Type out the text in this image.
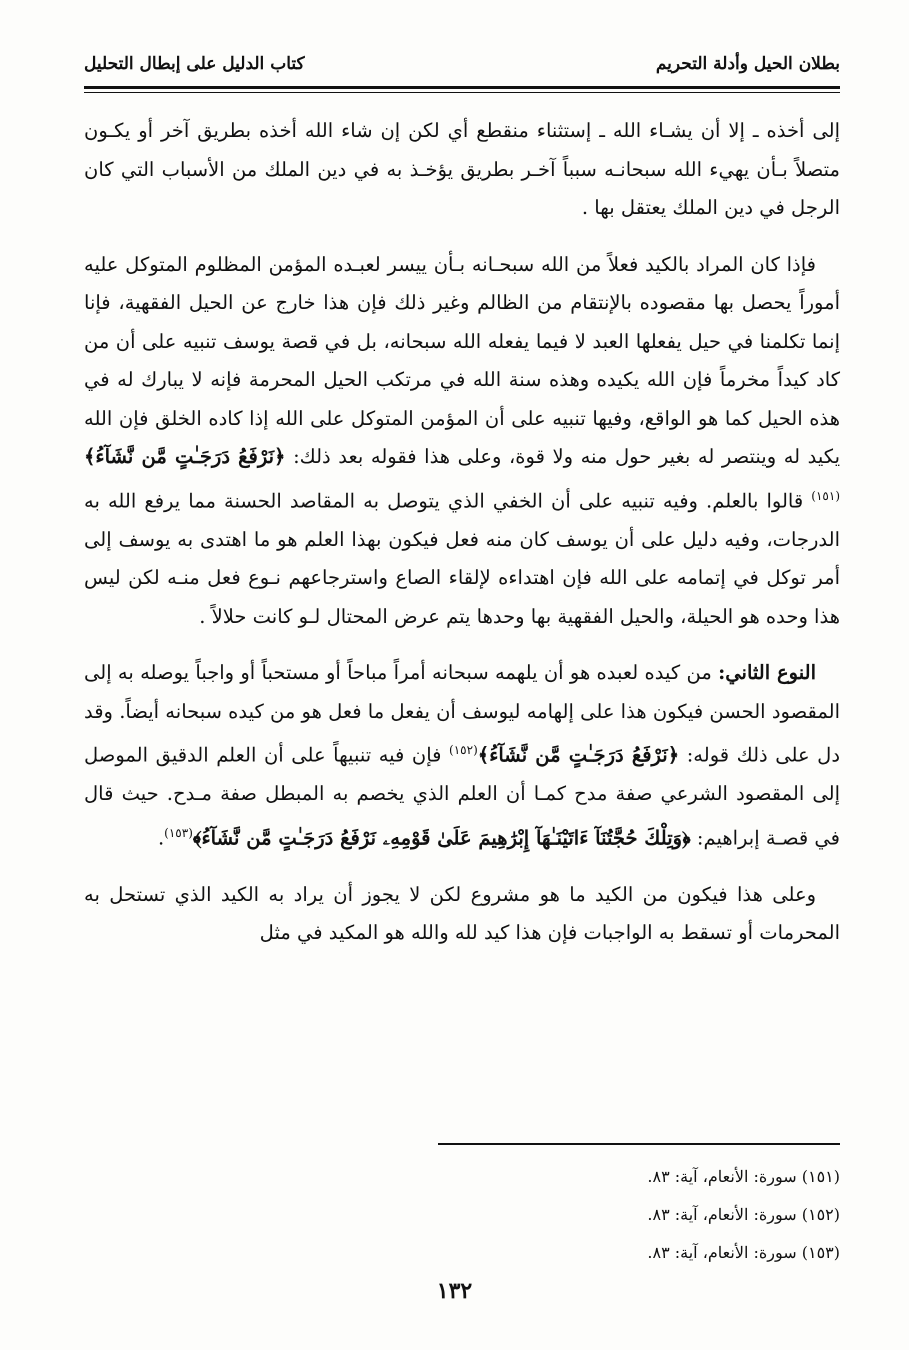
بطلان الحيل وأدلة التحريم
كتاب الدليل على إبطال التحليل

إلى أخذه ـ إلا أن يشـاء الله ـ إستثناء منقطع أي لكن إن شاء الله أخذه بطريق آخر أو يكـون متصلاً بـأن يهيء الله سبحانـه سبباً آخـر بطريق يؤخـذ به في دين الملك من الأسباب التي كان الرجل في دين الملك يعتقل بها .

فإذا كان المراد بالكيد فعلاً من الله سبحـانه بـأن ييسر لعبـده المؤمن المظلوم المتوكل عليه أموراً يحصل بها مقصوده بالإنتقام من الظالم وغير ذلك فإن هذا خارج عن الحيل الفقهية، فإنا إنما تكلمنا في حيل يفعلها العبد لا فيما يفعله الله سبحانه، بل في قصة يوسف تنبيه على أن من كاد كيداً مخرماً فإن الله يكيده وهذه سنة الله في مرتكب الحيل المحرمة فإنه لا يبارك له في هذه الحيل كما هو الواقع، وفيها تنبيه على أن المؤمن المتوكل على الله إذا كاده الخلق فإن الله يكيد له وينتصر له بغير حول منه ولا قوة، وعلى هذا فقوله بعد ذلك: ﴿نَرْفَعُ دَرَجَـٰتٍ مَّن نَّشَآءُ﴾$^{(١٥١)}$ قالوا بالعلم. وفيه تنبيه على أن الخفي الذي يتوصل به المقاصد الحسنة مما يرفع الله به الدرجات، وفيه دليل على أن يوسف كان منه فعل فيكون بهذا العلم هو ما اهتدى به يوسف إلى أمر توكل في إتمامه على الله فإن اهتداءه لإلقاء الصاع واسترجاعهم نـوع فعل منـه لكن ليس هذا وحده هو الحيلة، والحيل الفقهية بها وحدها يتم عرض المحتال لـو كانت حلالاً .

النوع الثاني: من كيده لعبده هو أن يلهمه سبحانه أمراً مباحاً أو مستحباً أو واجباً يوصله به إلى المقصود الحسن فيكون هذا على إلهامه ليوسف أن يفعل ما فعل هو من كيده سبحانه أيضاً. وقد دل على ذلك قوله: ﴿نَرْفَعُ دَرَجَـٰتٍ مَّن نَّشَآءُ﴾$^{(١٥٢)}$ فإن فيه تنبيهاً على أن العلم الدقيق الموصل إلى المقصود الشرعي صفة مدح كمـا أن العلم الذي يخصم به المبطل صفة مـدح. حيث قال في قصـة إبراهيم: ﴿وَتِلْكَ حُجَّتُنَآ ءَاتَيْنَـٰهَآ إِبْرَٰهِيمَ عَلَىٰ قَوْمِهِۦ نَرْفَعُ دَرَجَـٰتٍ مَّن نَّشَآءُ﴾$^{(١٥٣)}$.

وعلى هذا فيكون من الكيد ما هو مشروع لكن لا يجوز أن يراد به الكيد الذي تستحل به المحرمات أو تسقط به الواجبات فإن هذا كيد لله والله هو المكيد في مثل

(١٥١) سورة: الأنعام، آية: ٨٣.
(١٥٢) سورة: الأنعام، آية: ٨٣.
(١٥٣) سورة: الأنعام، آية: ٨٣.
١٣٢
